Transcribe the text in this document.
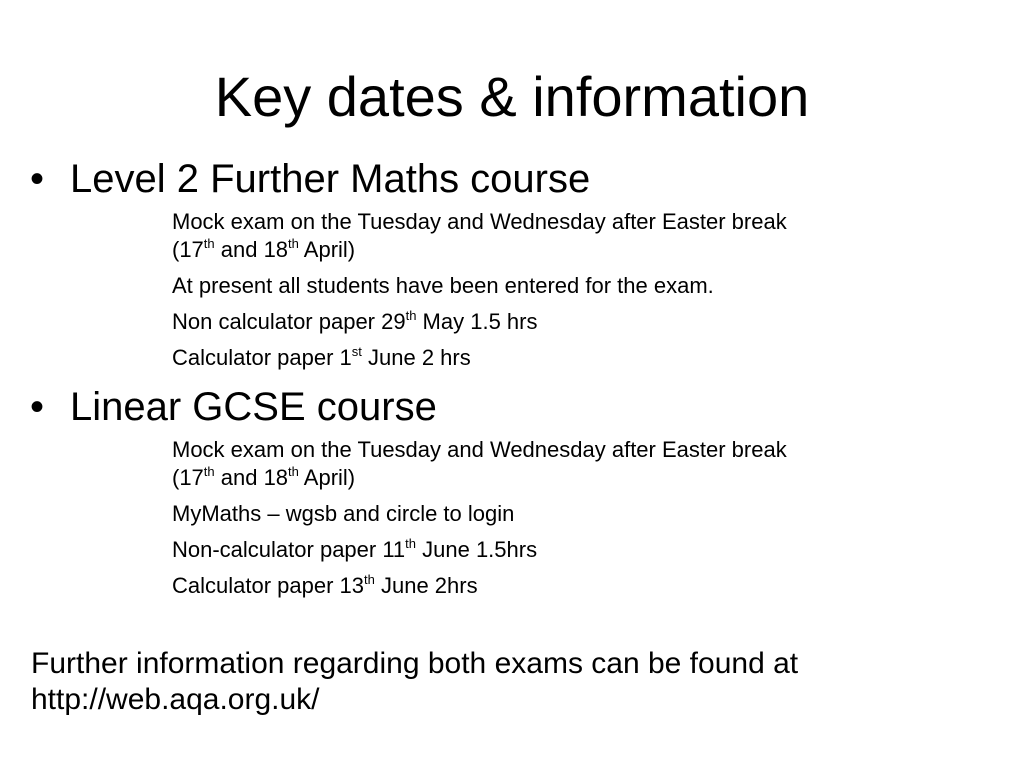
Key dates & information
• Level 2 Further Maths course
Mock exam on the Tuesday and Wednesday after Easter break
(17th and 18th April)
At present all students have been entered for the exam.
Non calculator paper 29th May 1.5 hrs
Calculator paper 1st June 2 hrs
• Linear GCSE course
Mock exam on the Tuesday and Wednesday after Easter break
(17th and 18th April)
MyMaths – wgsb and circle to login
Non-calculator paper 11th June 1.5hrs
Calculator paper 13th June 2hrs
Further information regarding both exams can be found at
http://web.aqa.org.uk/
